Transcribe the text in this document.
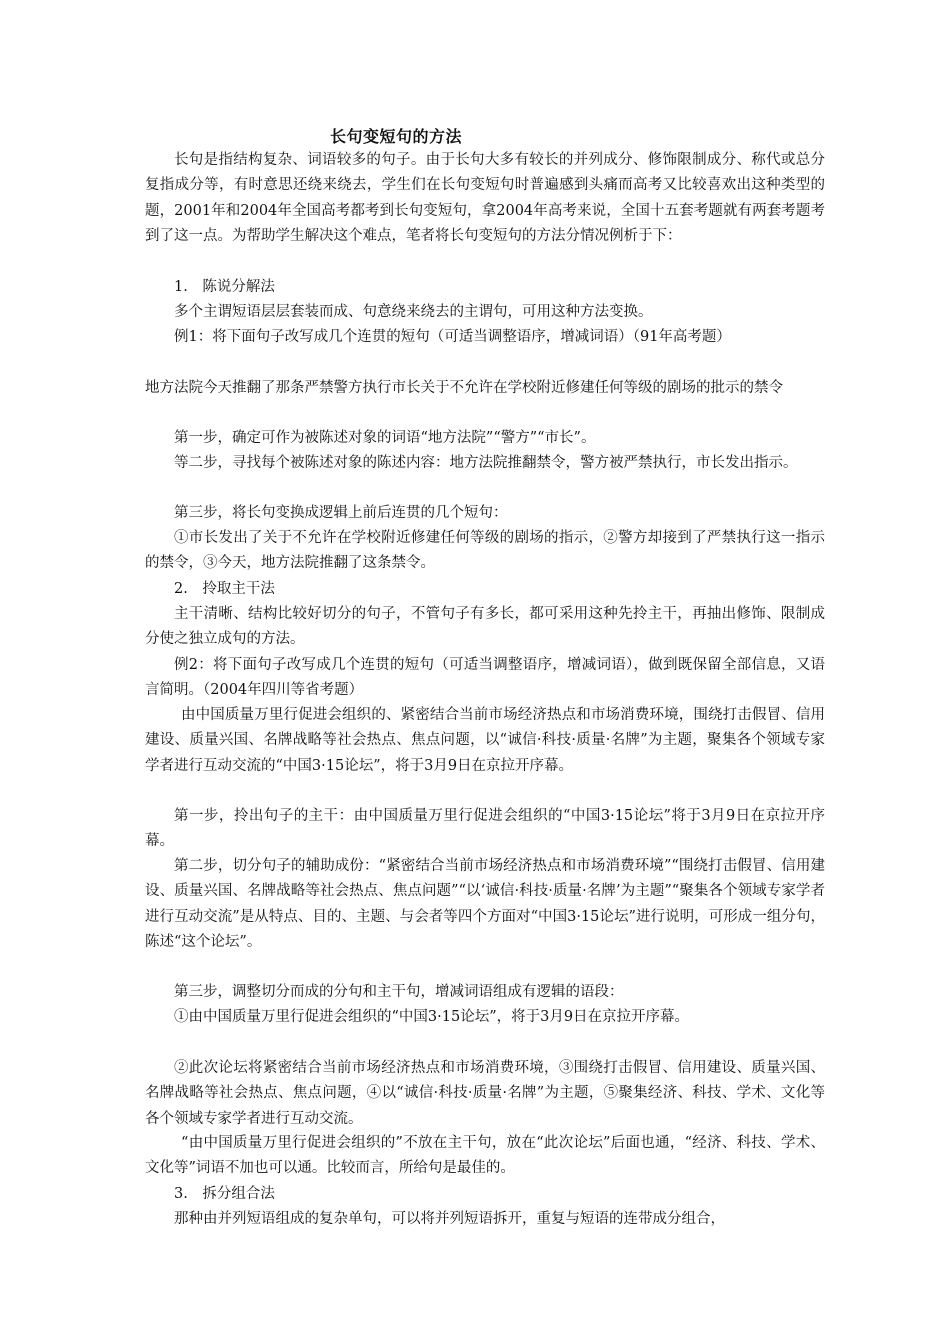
长句变短句的方法
长句是指结构复杂、词语较多的句子。由于长句大多有较长的并列成分、修饰限制成分、称代或总分复指成分等，有时意思还绕来绕去，学生们在长句变短句时普遍感到头痛而高考又比较喜欢出这种类型的题，2001年和2004年全国高考都考到长句变短句，拿2004年高考来说，全国十五套考题就有两套考题考到了这一点。为帮助学生解决这个难点，笔者将长句变短句的方法分情况例析于下：
1.　陈说分解法
多个主谓短语层层套装而成、句意绕来绕去的主谓句，可用这种方法变换。
例1：将下面句子改写成几个连贯的短句（可适当调整语序，增减词语）（91年高考题）
地方法院今天推翻了那条严禁警方执行市长关于不允许在学校附近修建任何等级的剧场的批示的禁令
第一步，确定可作为被陈述对象的词语“地方法院”“警方”“市长”。
等二步，寻找每个被陈述对象的陈述内容：地方法院推翻禁令，警方被严禁执行，市长发出指示。
第三步，将长句变换成逻辑上前后连贯的几个短句：
①市长发出了关于不允许在学校附近修建任何等级的剧场的指示，②警方却接到了严禁执行这一指示的禁令，③今天，地方法院推翻了这条禁令。
2.　拎取主干法
主干清晰、结构比较好切分的句子，不管句子有多长，都可采用这种先拎主干，再抽出修饰、限制成分使之独立成句的方法。
例2：将下面句子改写成几个连贯的短句（可适当调整语序，增减词语），做到既保留全部信息，又语言简明。（2004年四川等省考题）
由中国质量万里行促进会组织的、紧密结合当前市场经济热点和市场消费环境，围绕打击假冒、信用建设、质量兴国、名牌战略等社会热点、焦点问题，以“诚信·科技·质量·名牌”为主题，聚集各个领域专家学者进行互动交流的“中国3·15论坛”，将于3月9日在京拉开序幕。
第一步，拎出句子的主干：由中国质量万里行促进会组织的“中国3·15论坛”将于3月9日在京拉开序幕。
第二步，切分句子的辅助成份：“紧密结合当前市场经济热点和市场消费环境”“围绕打击假冒、信用建设、质量兴国、名牌战略等社会热点、焦点问题”“以‘诚信·科技·质量·名牌’为主题”“聚集各个领域专家学者进行互动交流”是从特点、目的、主题、与会者等四个方面对“中国3·15论坛”进行说明，可形成一组分句，陈述“这个论坛”。
第三步，调整切分而成的分句和主干句，增减词语组成有逻辑的语段：
①由中国质量万里行促进会组织的“中国3·15论坛”，将于3月9日在京拉开序幕。
②此次论坛将紧密结合当前市场经济热点和市场消费环境，③围绕打击假冒、信用建设、质量兴国、名牌战略等社会热点、焦点问题，④以“诚信·科技·质量·名牌”为主题，⑤聚集经济、科技、学术、文化等各个领域专家学者进行互动交流。
“由中国质量万里行促进会组织的”不放在主干句，放在“此次论坛”后面也通，“经济、科技、学术、文化等”词语不加也可以通。比较而言，所给句是最佳的。
3.　拆分组合法
那种由并列短语组成的复杂单句，可以将并列短语拆开，重复与短语的连带成分组合，
